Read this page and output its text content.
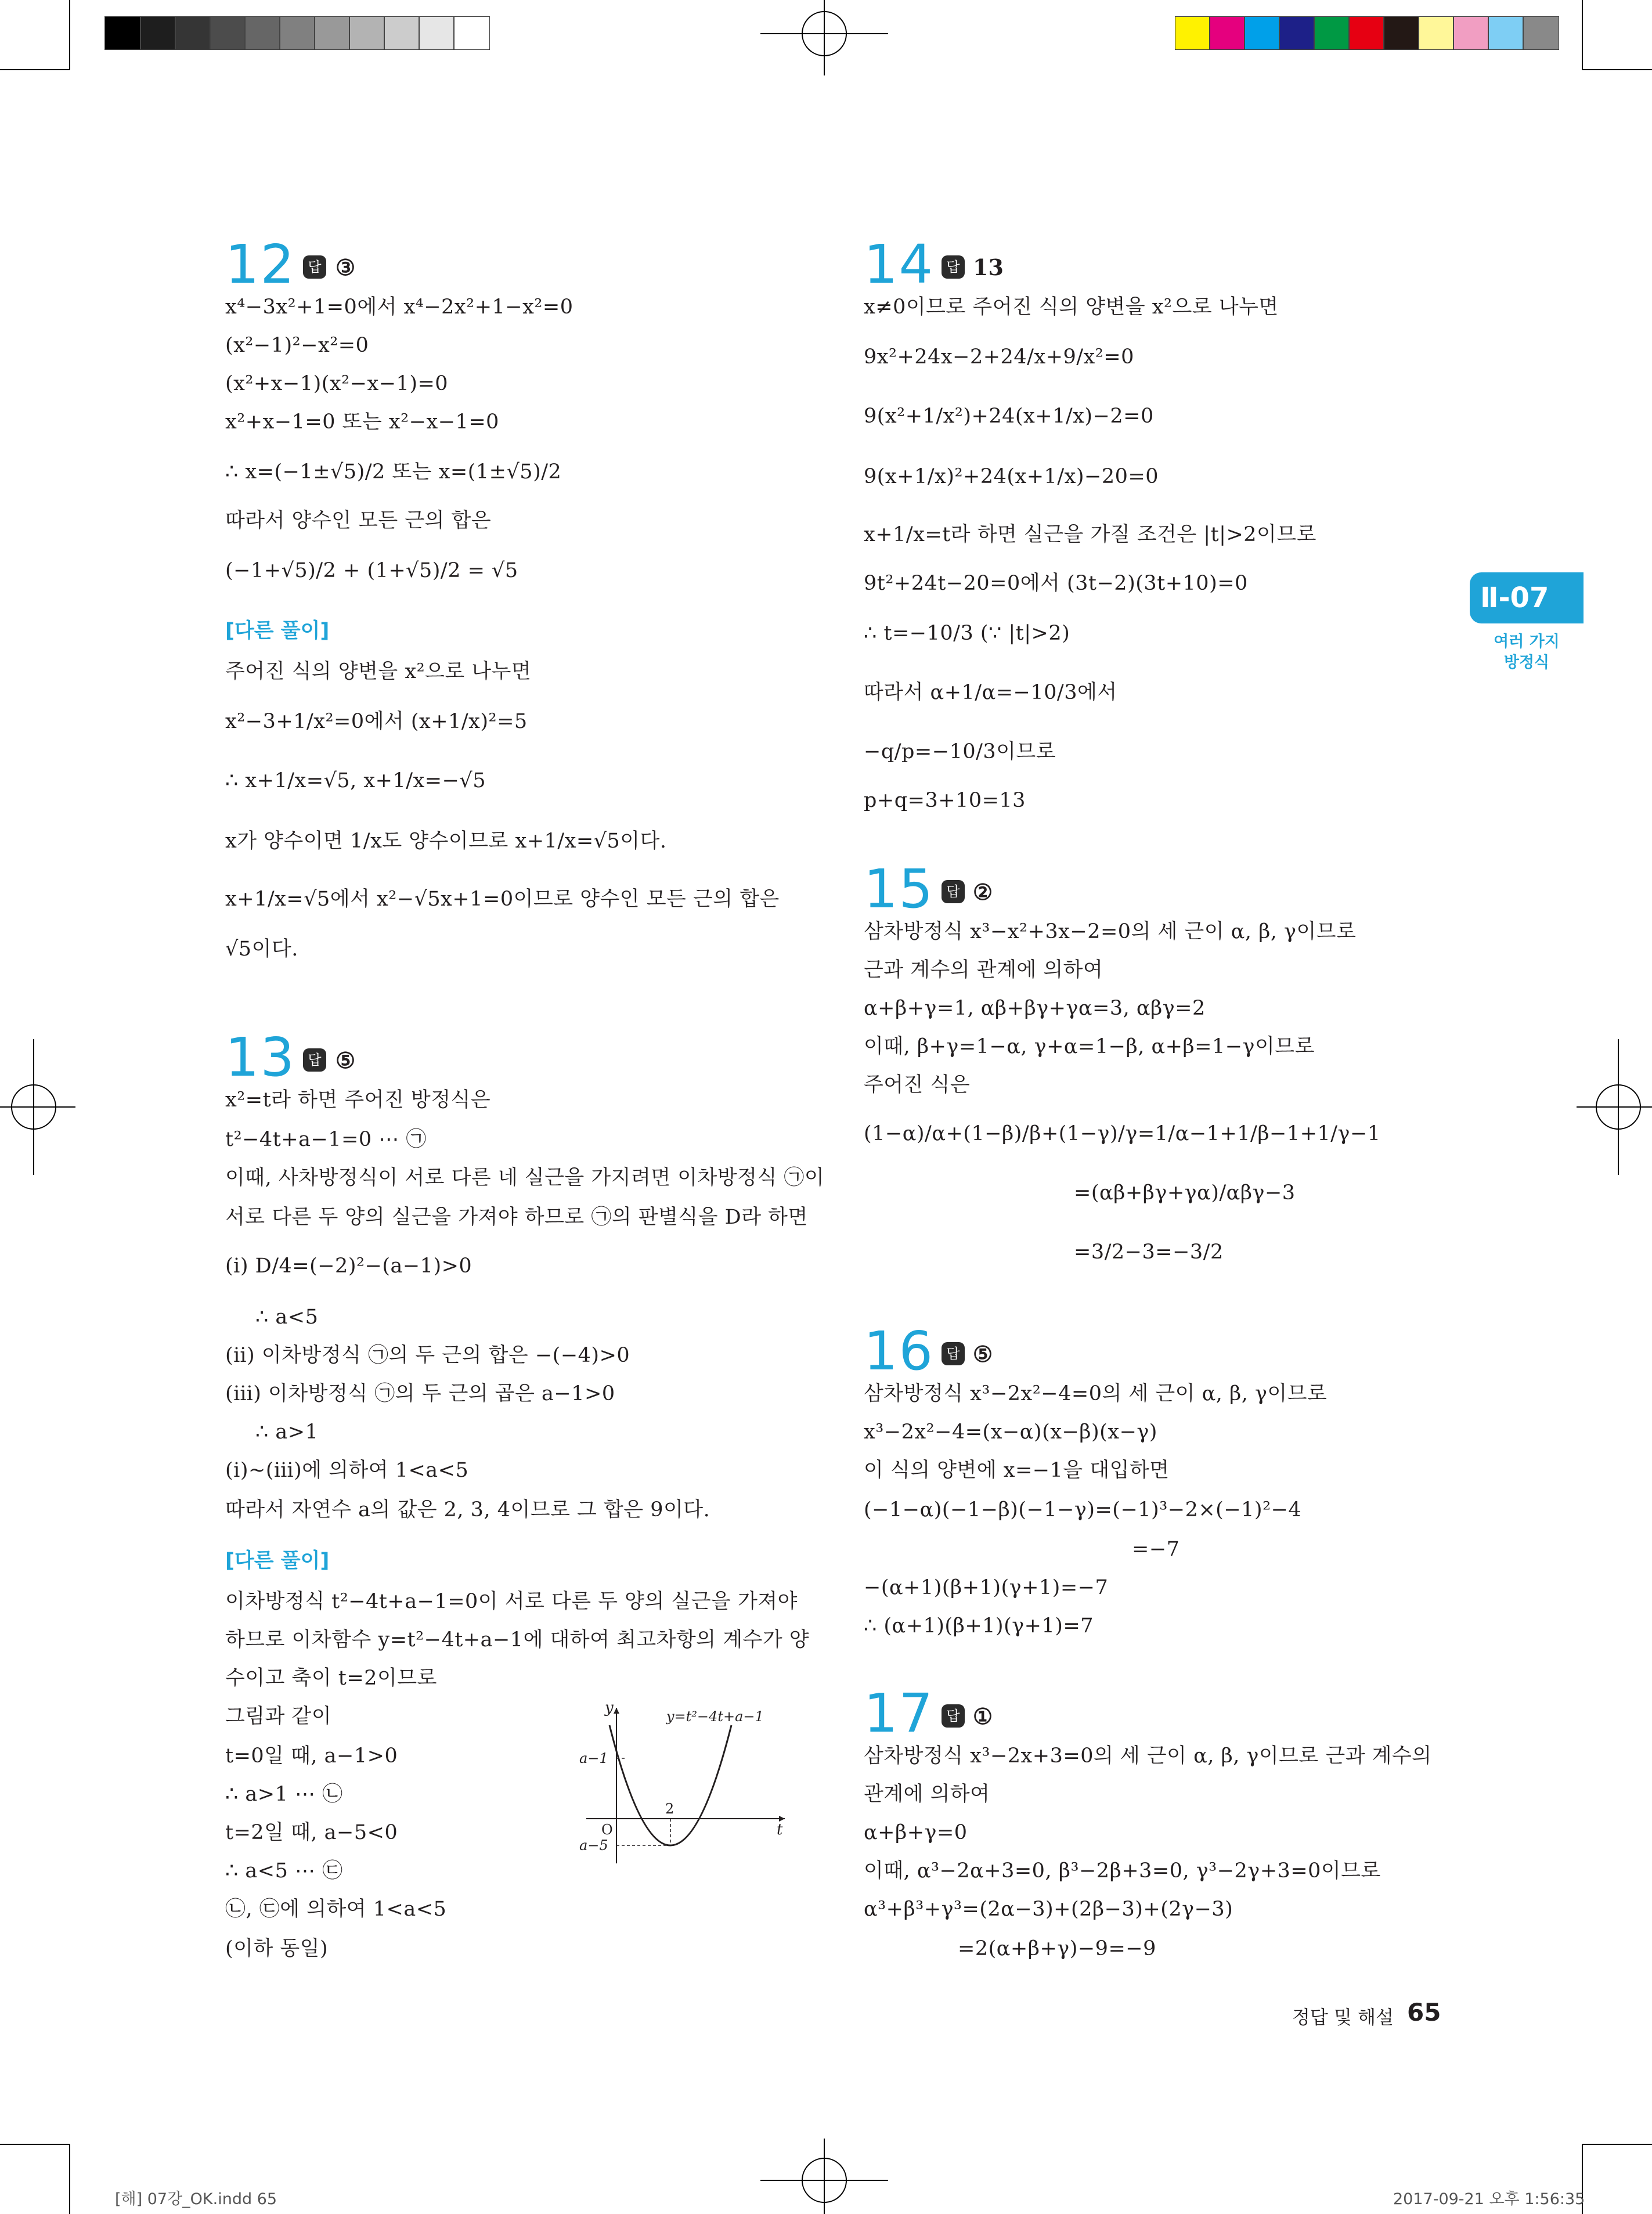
Ⅱ-07
여러 가지
방정식
12 답 ③
x⁴−3x²+1=0에서 x⁴−2x²+1−x²=0
(x²−1)²−x²=0
(x²+x−1)(x²−x−1)=0
x²+x−1=0 또는 x²−x−1=0
∴ x=(−1±√5)/2 또는 x=(1±√5)/2
따라서 양수인 모든 근의 합은
(−1+√5)/2 + (1+√5)/2 = √5
[다른 풀이]
주어진 식의 양변을 x²으로 나누면
x²−3+1/x²=0에서 (x+1/x)²=5
∴ x+1/x=√5, x+1/x=−√5
x가 양수이면 1/x도 양수이므로 x+1/x=√5이다.
x+1/x=√5에서 x²−√5x+1=0이므로 양수인 모든 근의 합은
√5이다.
13 답 ⑤
x²=t라 하면 주어진 방정식은
t²−4t+a−1=0 ⋯ ㉠
이때, 사차방정식이 서로 다른 네 실근을 가지려면 이차방정식 ㉠이
서로 다른 두 양의 실근을 가져야 하므로 ㉠의 판별식을 D라 하면
(ⅰ) D/4=(−2)²−(a−1)>0
∴ a<5
(ⅱ) 이차방정식 ㉠의 두 근의 합은 −(−4)>0
(ⅲ) 이차방정식 ㉠의 두 근의 곱은 a−1>0
∴ a>1
(ⅰ)~(ⅲ)에 의하여 1<a<5
따라서 자연수 a의 값은 2, 3, 4이므로 그 합은 9이다.
[다른 풀이]
이차방정식 t²−4t+a−1=0이 서로 다른 두 양의 실근을 가져야
하므로 이차함수 y=t²−4t+a−1에 대하여 최고차항의 계수가 양
수이고 축이 t=2이므로
그림과 같이
t=0일 때, a−1>0
∴ a>1 ⋯ ㉡
t=2일 때, a−5<0
∴ a<5 ⋯ ㉢
㉡, ㉢에 의하여 1<a<5
(이하 동일)
y	y=t²−4t+a−1
a−1
2
O	t
a−5
14 답 13
x≠0이므로 주어진 식의 양변을 x²으로 나누면
9x²+24x−2+24/x+9/x²=0
9(x²+1/x²)+24(x+1/x)−2=0
9(x+1/x)²+24(x+1/x)−20=0
x+1/x=t라 하면 실근을 가질 조건은 |t|>2이므로
9t²+24t−20=0에서 (3t−2)(3t+10)=0
∴ t=−10/3 (∵ |t|>2)
따라서 α+1/α=−10/3에서
−q/p=−10/3이므로
p+q=3+10=13
15 답 ②
삼차방정식 x³−x²+3x−2=0의 세 근이 α, β, γ이므로
근과 계수의 관계에 의하여
α+β+γ=1, αβ+βγ+γα=3, αβγ=2
이때, β+γ=1−α, γ+α=1−β, α+β=1−γ이므로
주어진 식은
(1−α)/α+(1−β)/β+(1−γ)/γ=1/α−1+1/β−1+1/γ−1
=(αβ+βγ+γα)/αβγ−3
=3/2−3=−3/2
16 답 ⑤
삼차방정식 x³−2x²−4=0의 세 근이 α, β, γ이므로
x³−2x²−4=(x−α)(x−β)(x−γ)
이 식의 양변에 x=−1을 대입하면
(−1−α)(−1−β)(−1−γ)=(−1)³−2×(−1)²−4
=−7
−(α+1)(β+1)(γ+1)=−7
∴ (α+1)(β+1)(γ+1)=7
17 답 ①
삼차방정식 x³−2x+3=0의 세 근이 α, β, γ이므로 근과 계수의
관계에 의하여
α+β+γ=0
이때, α³−2α+3=0, β³−2β+3=0, γ³−2γ+3=0이므로
α³+β³+γ³=(2α−3)+(2β−3)+(2γ−3)
=2(α+β+γ)−9=−9
정답 및 해설 65
[해] 07강_OK.indd 65	2017-09-21 오후 1:56:35
